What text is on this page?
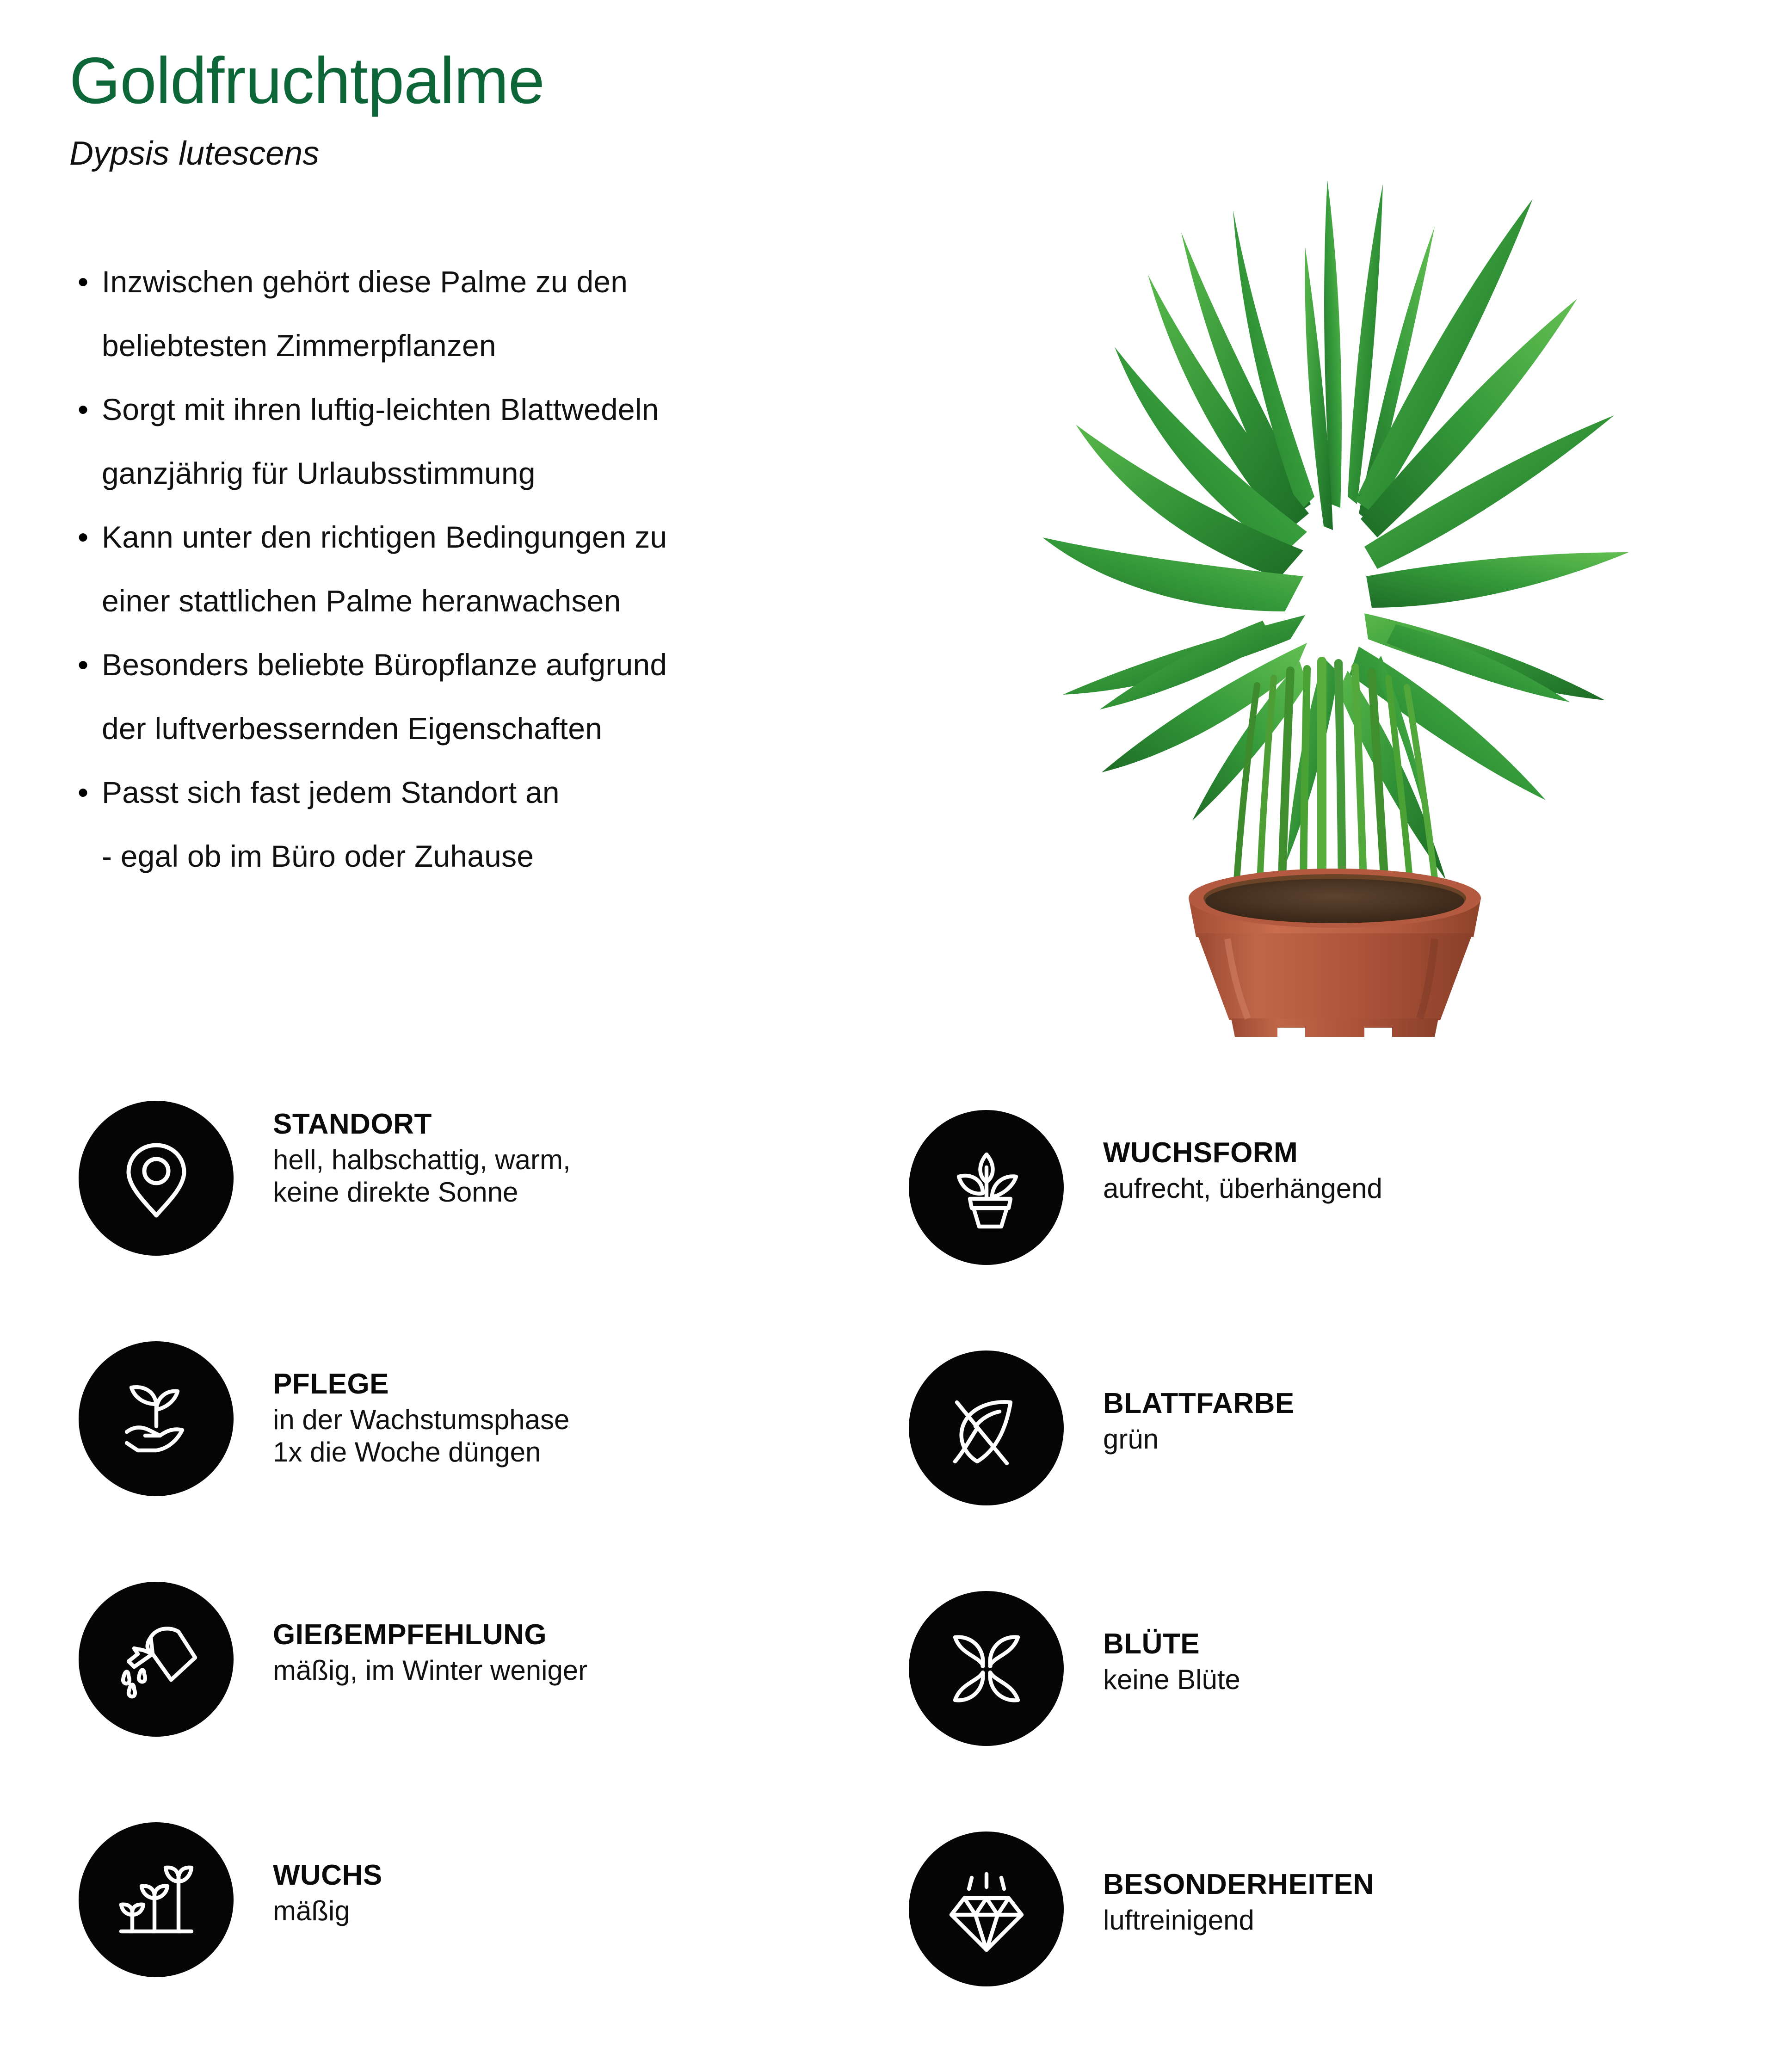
Goldfruchtpalme
Dypsis lutescens
• Inzwischen gehört diese Palme zu den
beliebtesten Zimmerpflanzen
• Sorgt mit ihren luftig-leichten Blattwedeln
ganzjährig für Urlaubsstimmung
• Kann unter den richtigen Bedingungen zu
einer stattlichen Palme heranwachsen
• Besonders beliebte Büropflanze aufgrund
der luftverbessernden Eigenschaften
• Passt sich fast jedem Standort an
- egal ob im Büro oder Zuhause
STANDORT
hell, halbschattig, warm,
keine direkte Sonne
PFLEGE
in der Wachstumsphase
1x die Woche düngen
GIEẞEMPFEHLUNG
mäßig, im Winter weniger
WUCHS
mäßig
WUCHSFORM
aufrecht, überhängend
BLATTFARBE
grün
BLÜTE
keine Blüte
BESONDERHEITEN
luftreinigend
